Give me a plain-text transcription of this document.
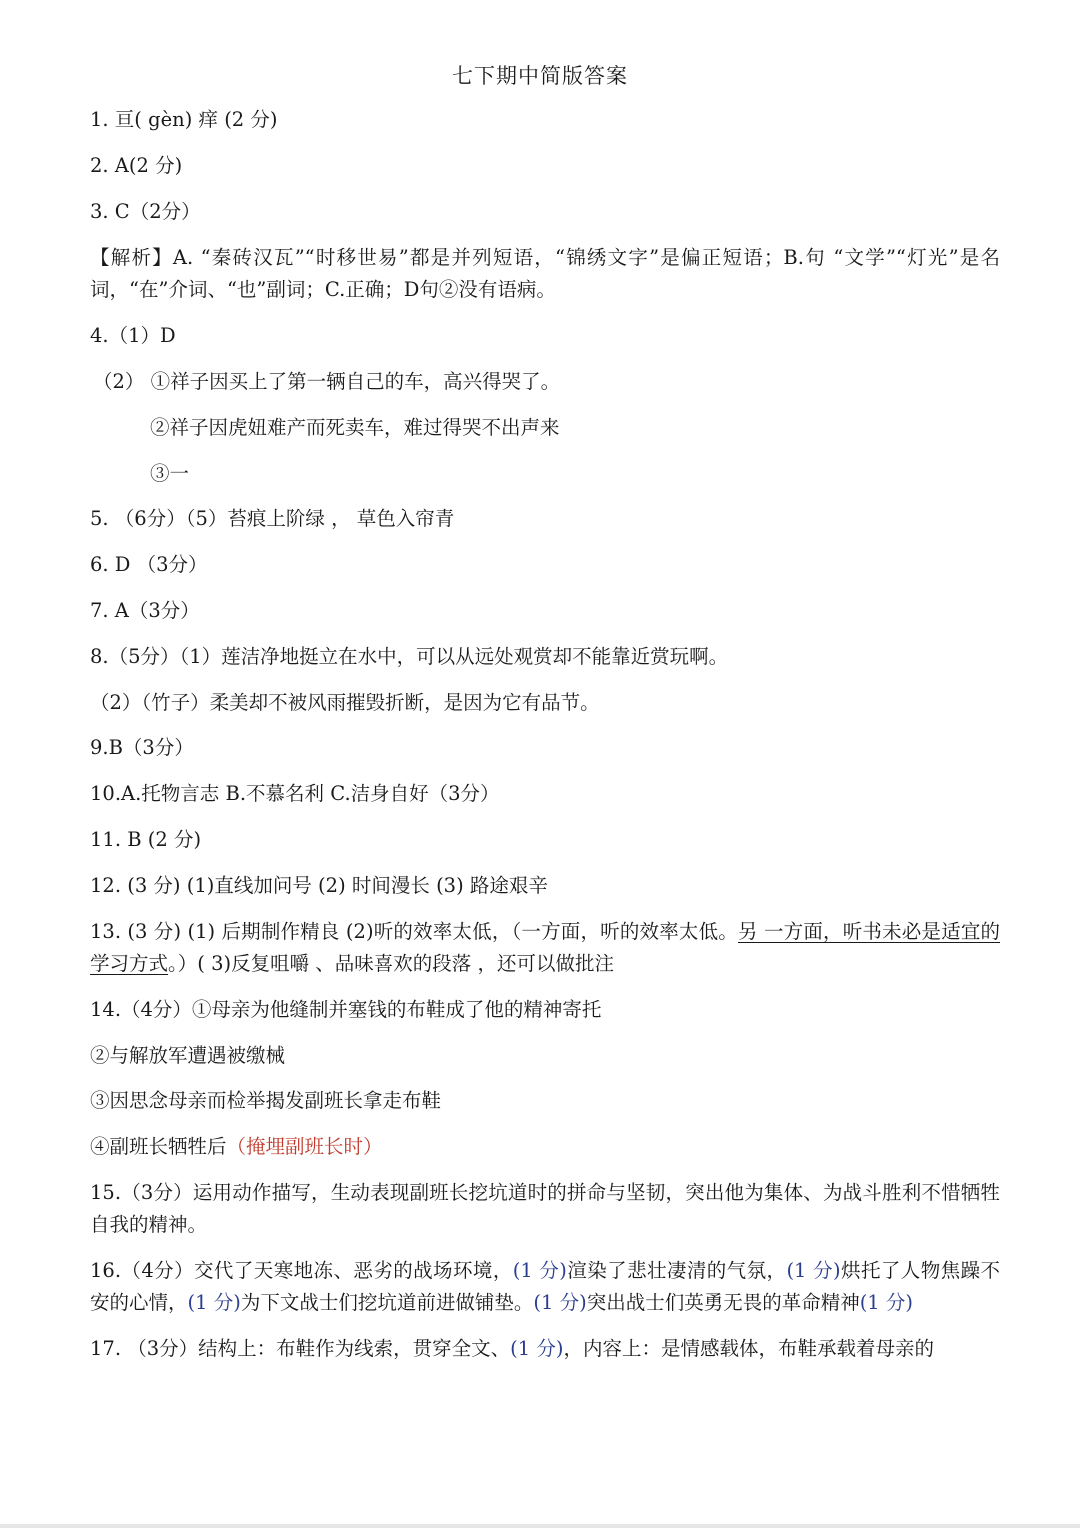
七下期中简版答案
1. 亘( gèn) 痒 (2 分)
2. A(2 分)
3. C（2分）
【解析】A. “秦砖汉瓦”“时移世易”都是并列短语，“锦绣文字”是偏正短语；B.句 “文学”“灯光”是名词，“在”介词、“也”副词；C.正确；D句②没有语病。
4.（1）D
（2） ①祥子因买上了第一辆自己的车，高兴得哭了。
②祥子因虎妞难产而死卖车，难过得哭不出声来
③一
5. （6分）（5）苔痕上阶绿 ， 草色入帘青
6. D （3分）
7. A（3分）
8.（5分）（1）莲洁净地挺立在水中，可以从远处观赏却不能靠近赏玩啊。
（2）（竹子）柔美却不被风雨摧毁折断，是因为它有品节。
9.B（3分）
10.A.托物言志 B.不慕名利 C.洁身自好（3分）
11. B (2 分)
12. (3 分) (1)直线加问号 (2) 时间漫长 (3) 路途艰辛
13. (3 分) (1) 后期制作精良 (2)听的效率太低，（一方面，听的效率太低。另 一方面，听书未必是适宜的学习方式。）( 3)反复咀嚼 、品味喜欢的段落 ，还可以做批注
14.（4分）①母亲为他缝制并塞钱的布鞋成了他的精神寄托
②与解放军遭遇被缴械
③因思念母亲而检举揭发副班长拿走布鞋
④副班长牺牲后（掩埋副班长时）
15.（3分）运用动作描写，生动表现副班长挖坑道时的拼命与坚韧，突出他为集体、为战斗胜利不惜牺牲自我的精神。
16.（4分）交代了天寒地冻、恶劣的战场环境，(1 分)渲染了悲壮凄清的气氛，(1 分)烘托了人物焦躁不安的心情，(1 分)为下文战士们挖坑道前进做铺垫。(1 分)突出战士们英勇无畏的革命精神(1 分)
17. （3分）结构上：布鞋作为线索，贯穿全文、(1 分)，内容上：是情感载体，布鞋承载着母亲的
